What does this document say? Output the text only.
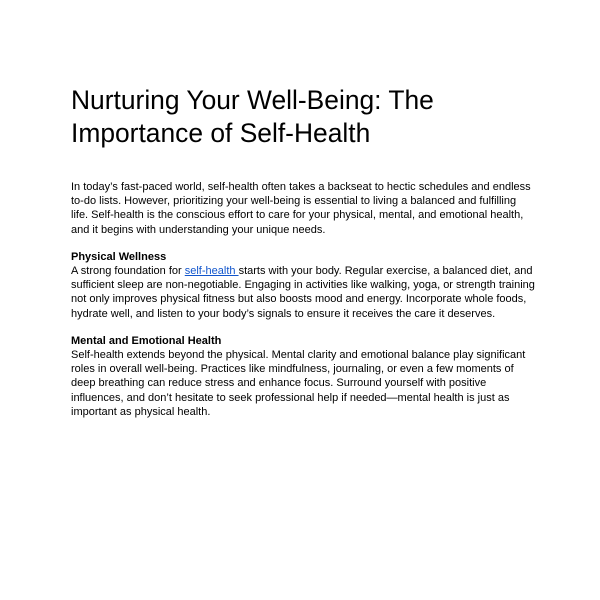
Nurturing Your Well-Being: The Importance of Self-Health

In today’s fast-paced world, self-health often takes a backseat to hectic schedules and endless to-do lists. However, prioritizing your well-being is essential to living a balanced and fulfilling life. Self-health is the conscious effort to care for your physical, mental, and emotional health, and it begins with understanding your unique needs.

Physical Wellness
A strong foundation for self-health starts with your body. Regular exercise, a balanced diet, and sufficient sleep are non-negotiable. Engaging in activities like walking, yoga, or strength training not only improves physical fitness but also boosts mood and energy. Incorporate whole foods, hydrate well, and listen to your body’s signals to ensure it receives the care it deserves.
Mental and Emotional Health
Self-health extends beyond the physical. Mental clarity and emotional balance play significant roles in overall well-being. Practices like mindfulness, journaling, or even a few moments of deep breathing can reduce stress and enhance focus. Surround yourself with positive influences, and don’t hesitate to seek professional help if needed—mental health is just as important as physical health.
